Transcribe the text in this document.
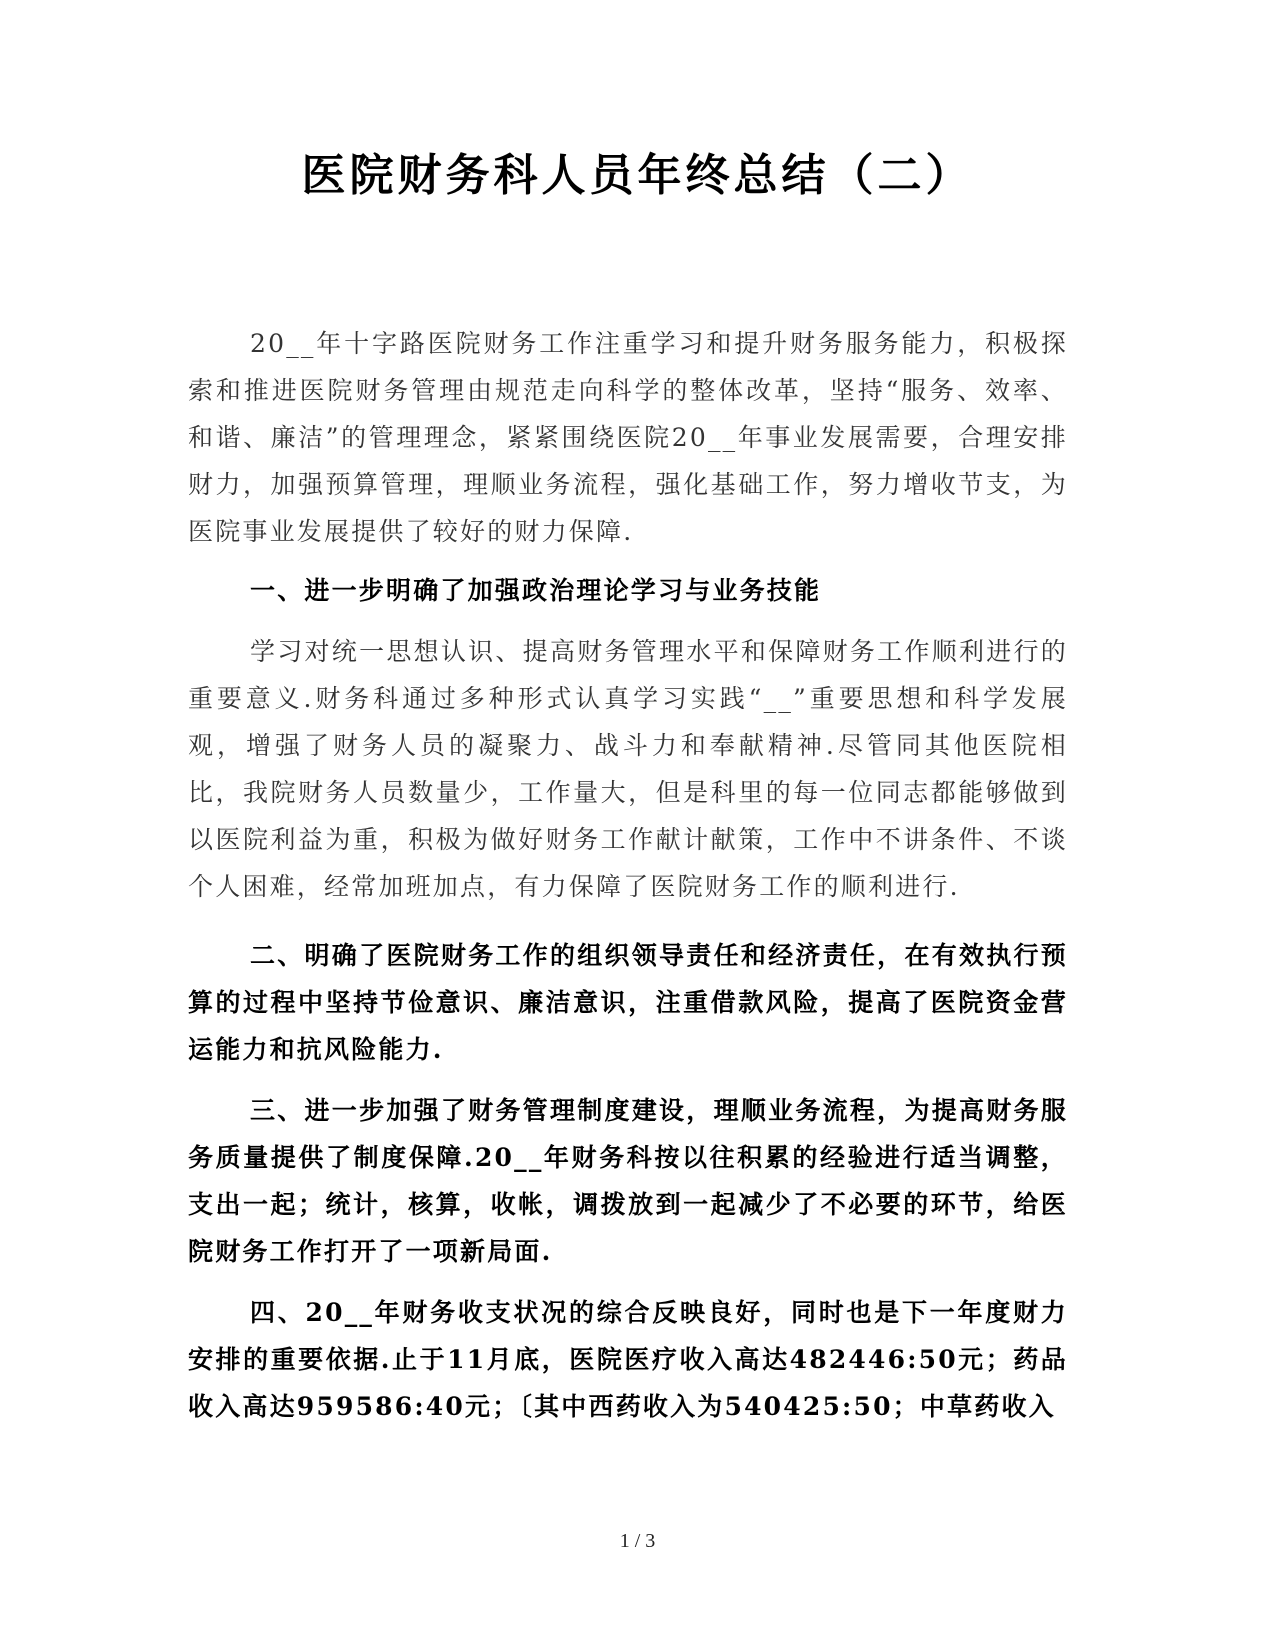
医院财务科人员年终总结（二）

20__年十字路医院财务工作注重学习和提升财务服务能力，积极探索和推进医院财务管理由规范走向科学的整体改革，坚持“服务、效率、和谐、廉洁”的管理理念，紧紧围绕医院20__年事业发展需要，合理安排财力，加强预算管理，理顺业务流程，强化基础工作，努力增收节支，为医院事业发展提供了较好的财力保障.

一、进一步明确了加强政治理论学习与业务技能

学习对统一思想认识、提高财务管理水平和保障财务工作顺利进行的重要意义.财务科通过多种形式认真学习实践“__”重要思想和科学发展观，增强了财务人员的凝聚力、战斗力和奉献精神.尽管同其他医院相比，我院财务人员数量少，工作量大，但是科里的每一位同志都能够做到以医院利益为重，积极为做好财务工作献计献策，工作中不讲条件、不谈个人困难，经常加班加点，有力保障了医院财务工作的顺利进行.

二、明确了医院财务工作的组织领导责任和经济责任，在有效执行预算的过程中坚持节俭意识、廉洁意识，注重借款风险，提高了医院资金营运能力和抗风险能力.

三、进一步加强了财务管理制度建设，理顺业务流程，为提高财务服务质量提供了制度保障.20__年财务科按以往积累的经验进行适当调整，支出一起；统计，核算，收帐，调拨放到一起减少了不必要的环节，给医院财务工作打开了一项新局面.

四、20__年财务收支状况的综合反映良好，同时也是下一年度财力安排的重要依据.止于11月底，医院医疗收入高达482446:50元；药品收入高达959586:40元；〔其中西药收入为540425:50；中草药收入

1 / 3
